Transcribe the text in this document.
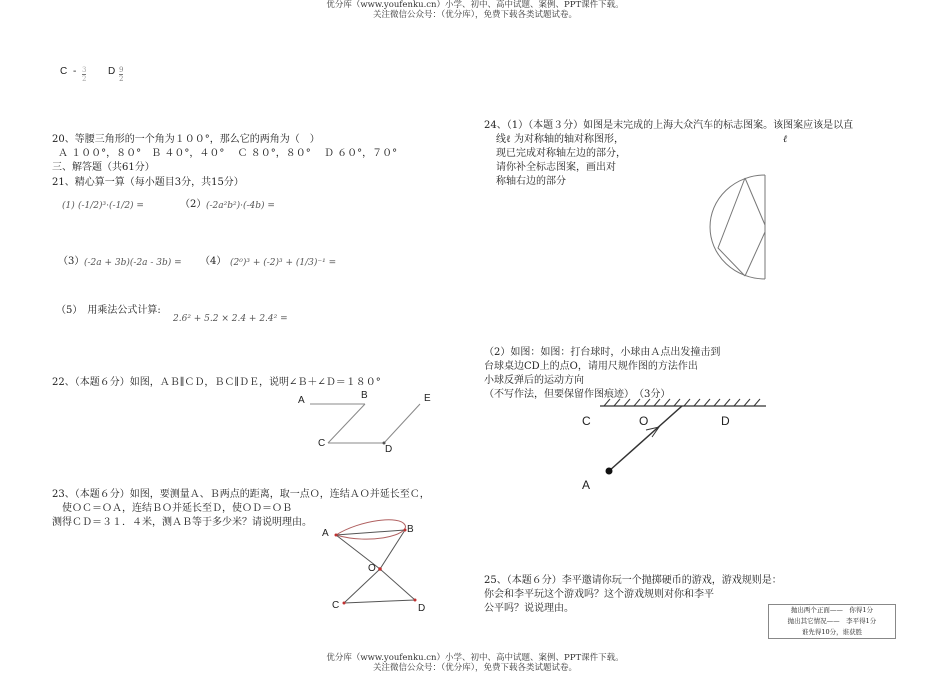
优分库（www.youfenku.cn）小学、初中、高中试题、案例、PPT课件下载。
关注微信公众号：（优分库），免费下载各类试题试卷。
C - $\frac{3}{2}$ D $\frac{9}{2}$
20、等腰三角形的一个角为１００°，那么它的两角为（　）
Ａ １００°，８０°　Ｂ ４０°，４０°　 Ｃ ８０°，８０°　 Ｄ ６０°，７０°
三、解答题（共61分）
21、精心算一算（每小题目3分，共15分）
(1) (-1/2)³·(-1/2) =	（2） (-2a²b²)·(-4b) =
（3） (-2a + 3b)(-2a - 3b) = （4） (2⁰)³ + (-2)³ + (1/3)⁻¹ =
（5）　用乘法公式计算:
2.6² + 5.2 × 2.4 + 2.4² =
22、（本题６分）如图，ＡＢ∥ＣＤ，ＢＣ∥ＤＥ，说明∠Ｂ＋∠Ｄ＝１８０°
A	B	E
C
D
23、（本题６分）如图，要测量Ａ、Ｂ两点的距离，取一点Ｏ，连结ＡＯ并延长至Ｃ，
使ＯＣ＝ＯＡ，连结ＢＯ并延长至Ｄ，使ＯＤ＝ＯＢ
测得ＣＤ＝３１．４米，测ＡＢ等于多少米？请说明理由。
A	B
O
C	D
24、（1）（本题３分）如图是末完成的上海大众汽车的标志图案。该图案应该是以直
线ℓ 为对称轴的轴对称图形，	ℓ
现已完成对称轴左边的部分，
请你补全标志图案，画出对
称轴右边的部分
（2）如图：如图：打台球时，小球由Ａ点出发撞击到
台球桌边CD上的点O，请用尺规作图的方法作出
小球反弹后的运动方向
（不写作法，但要保留作图痕迹）　（3分）
C	O	D
A
25、（本题６分）李平邀请你玩一个抛掷硬币的游戏，游戏规则是：
你会和李平玩这个游戏吗？这个游戏规则对你和李平
公平吗？说说理由。	抛出两个正面——　你得1分
抛出其它情况——　李平得1分
谁先得10分，谁获胜
优分库（www.youfenku.cn）小学、初中、高中试题、案例、PPT课件下载。
关注微信公众号：（优分库），免费下载各类试题试卷。
